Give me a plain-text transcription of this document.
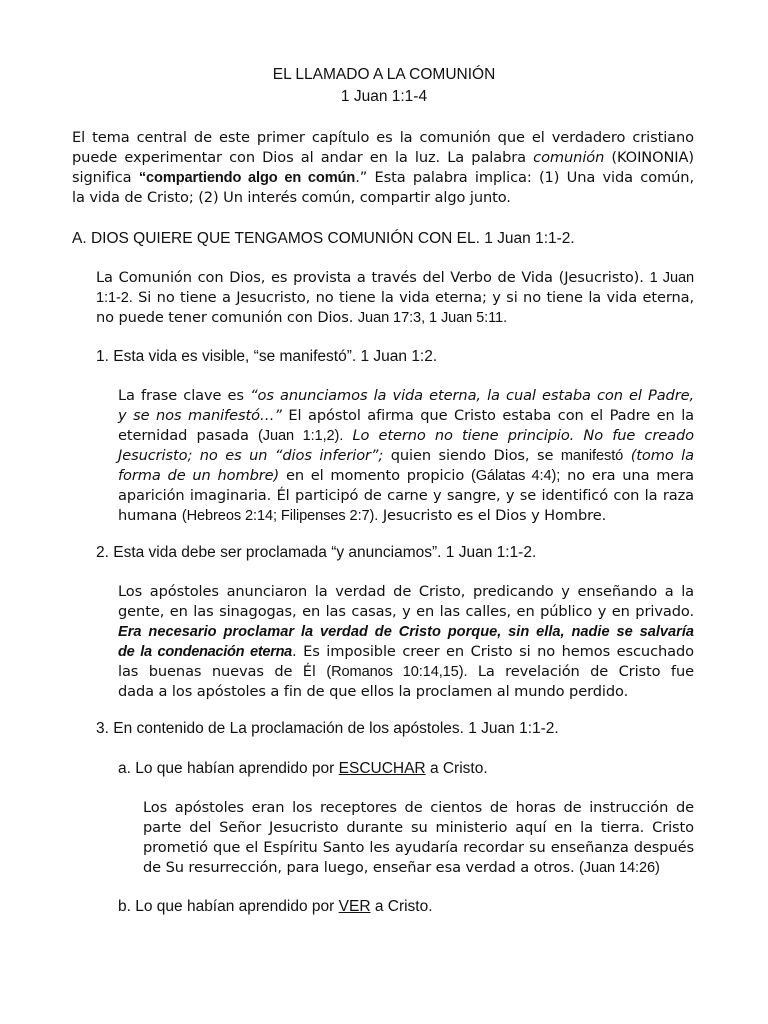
EL LLAMADO A LA COMUNIÓN

1 Juan 1:1-4

El tema central de este primer capítulo es la comunión que el verdadero cristiano
puede experimentar con Dios al andar en la luz. La palabra comunión (KOINONIA)
significa “compartiendo algo en común.” Esta palabra implica: (1) Una vida común,
la vida de Cristo; (2) Un interés común, compartir algo junto.

A. DIOS QUIERE QUE TENGAMOS COMUNIÓN CON EL. 1 Juan 1:1-2.

La Comunión con Dios, es provista a través del Verbo de Vida (Jesucristo). 1 Juan
1:1-2. Si no tiene a Jesucristo, no tiene la vida eterna; y si no tiene la vida eterna,
no puede tener comunión con Dios. Juan 17:3, 1 Juan 5:11.

1. Esta vida es visible, “se manifestó”. 1 Juan 1:2.

La frase clave es “os anunciamos la vida eterna, la cual estaba con el Padre,
y se nos manifestó…” El apóstol afirma que Cristo estaba con el Padre en la
eternidad pasada (Juan 1:1,2). Lo eterno no tiene principio. No fue creado
Jesucristo; no es un “dios inferior”; quien siendo Dios, se manifestó (tomo la
forma de un hombre) en el momento propicio (Gálatas 4:4); no era una mera
aparición imaginaria. Él participó de carne y sangre, y se identificó con la raza
humana (Hebreos 2:14; Filipenses 2:7). Jesucristo es el Dios y Hombre.

2. Esta vida debe ser proclamada “y anunciamos”. 1 Juan 1:1-2.

Los apóstoles anunciaron la verdad de Cristo, predicando y enseñando a la
gente, en las sinagogas, en las casas, y en las calles, en público y en privado.
Era necesario proclamar la verdad de Cristo porque, sin ella, nadie se salvaría
de la condenación eterna. Es imposible creer en Cristo si no hemos escuchado
las buenas nuevas de Él (Romanos 10:14,15). La revelación de Cristo fue
dada a los apóstoles a fin de que ellos la proclamen al mundo perdido.

3. En contenido de La proclamación de los apóstoles. 1 Juan 1:1-2.

a. Lo que habían aprendido por ESCUCHAR a Cristo.

Los apóstoles eran los receptores de cientos de horas de instrucción de
parte del Señor Jesucristo durante su ministerio aquí en la tierra. Cristo
prometió que el Espíritu Santo les ayudaría recordar su enseñanza después
de Su resurrección, para luego, enseñar esa verdad a otros. (Juan 14:26)

b. Lo que habían aprendido por VER a Cristo.
